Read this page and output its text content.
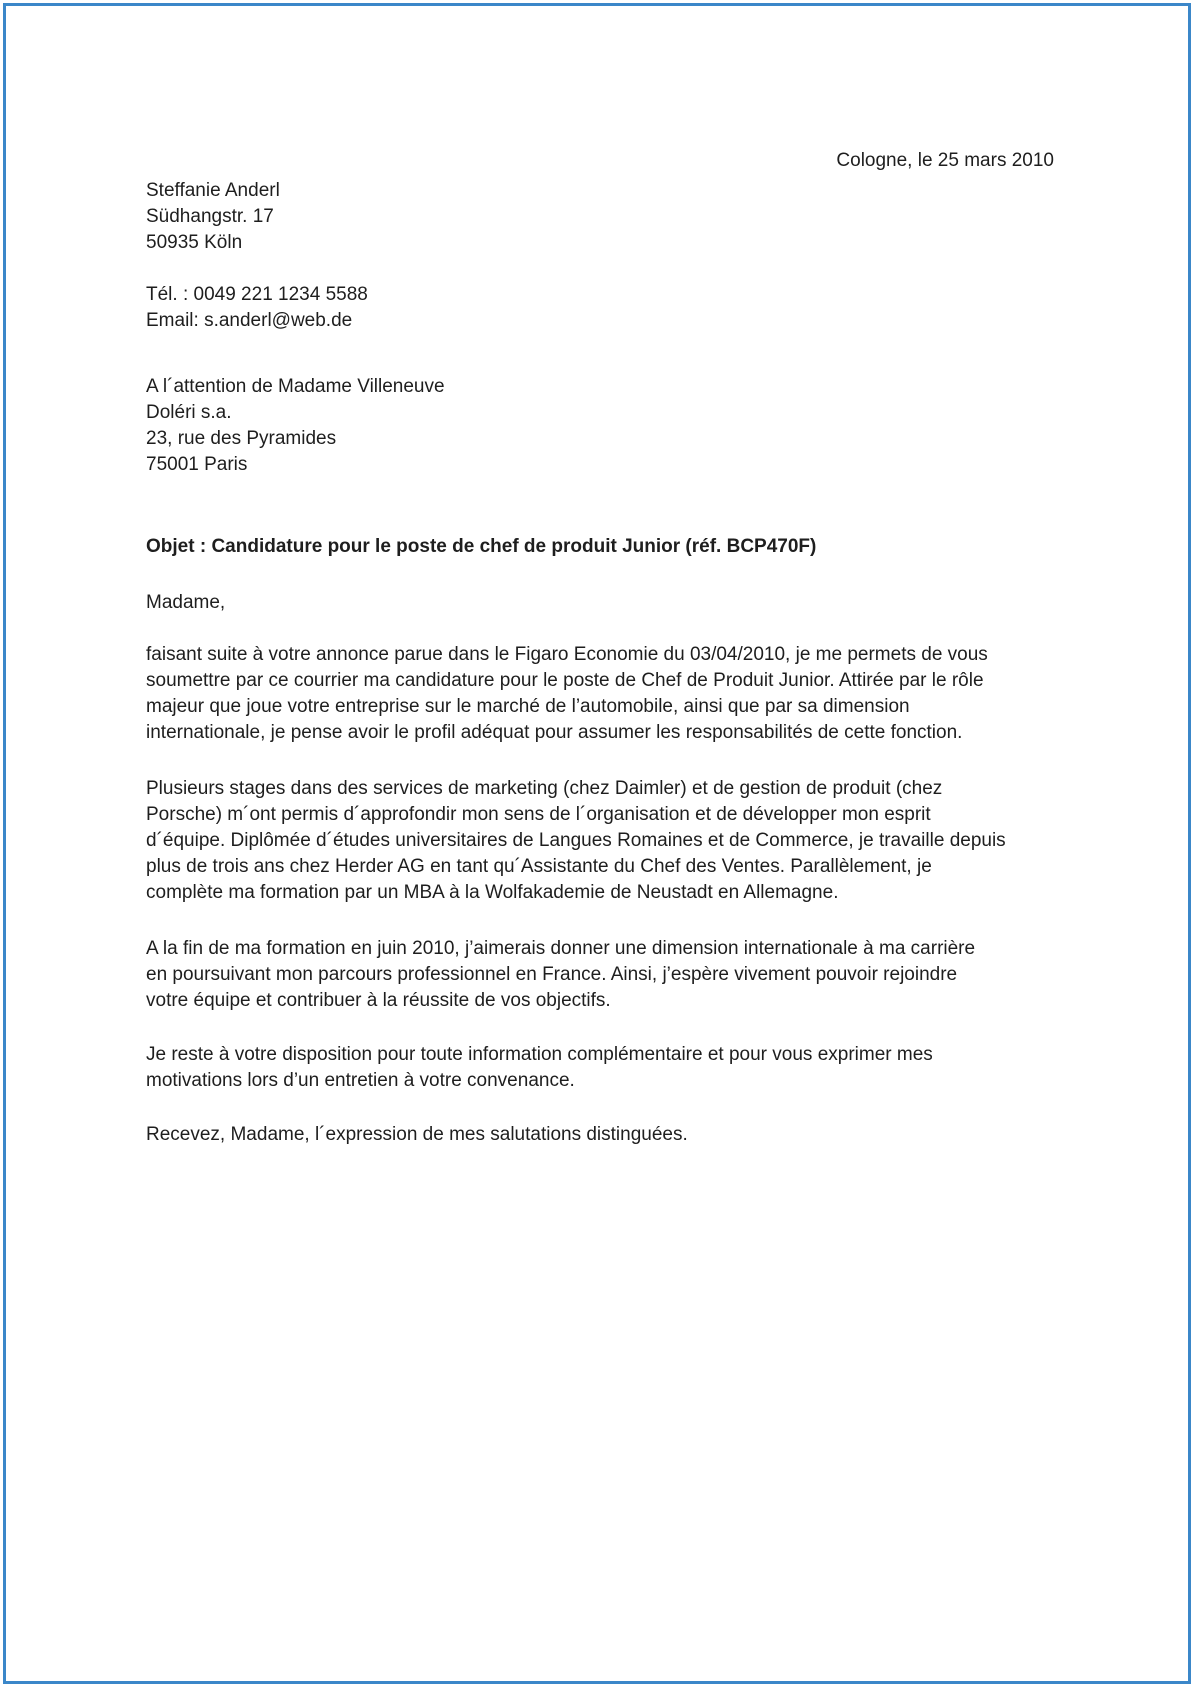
Cologne, le 25 mars 2010
Steffanie Anderl
Südhangstr. 17
50935 Köln
Tél. : 0049 221 1234 5588
Email: s.anderl@web.de
A l´attention de Madame Villeneuve
Doléri s.a.
23, rue des Pyramides
75001 Paris
Objet : Candidature pour le poste de chef de produit Junior (réf. BCP470F)
Madame,
faisant suite à votre annonce parue dans le Figaro Economie du 03/04/2010, je me permets de vous
soumettre par ce courrier ma candidature pour le poste de Chef de Produit Junior. Attirée par le rôle
majeur que joue votre entreprise sur le marché de l’automobile, ainsi que par sa dimension
internationale, je pense avoir le profil adéquat pour assumer les responsabilités de cette fonction.
Plusieurs stages dans des services de marketing (chez Daimler) et de gestion de produit (chez
Porsche) m´ont permis d´approfondir mon sens de l´organisation et de développer mon esprit
d´équipe. Diplômée d´études universitaires de Langues Romaines et de Commerce, je travaille depuis
plus de trois ans chez Herder AG en tant qu´Assistante du Chef des Ventes. Parallèlement, je
complète ma formation par un MBA à la Wolfakademie de Neustadt en Allemagne.
A la fin de ma formation en juin 2010, j’aimerais donner une dimension internationale à ma carrière
en poursuivant mon parcours professionnel en France. Ainsi, j’espère vivement pouvoir rejoindre
votre équipe et contribuer à la réussite de vos objectifs.
Je reste à votre disposition pour toute information complémentaire et pour vous exprimer mes
motivations lors d’un entretien à votre convenance.
Recevez, Madame, l´expression de mes salutations distinguées.
